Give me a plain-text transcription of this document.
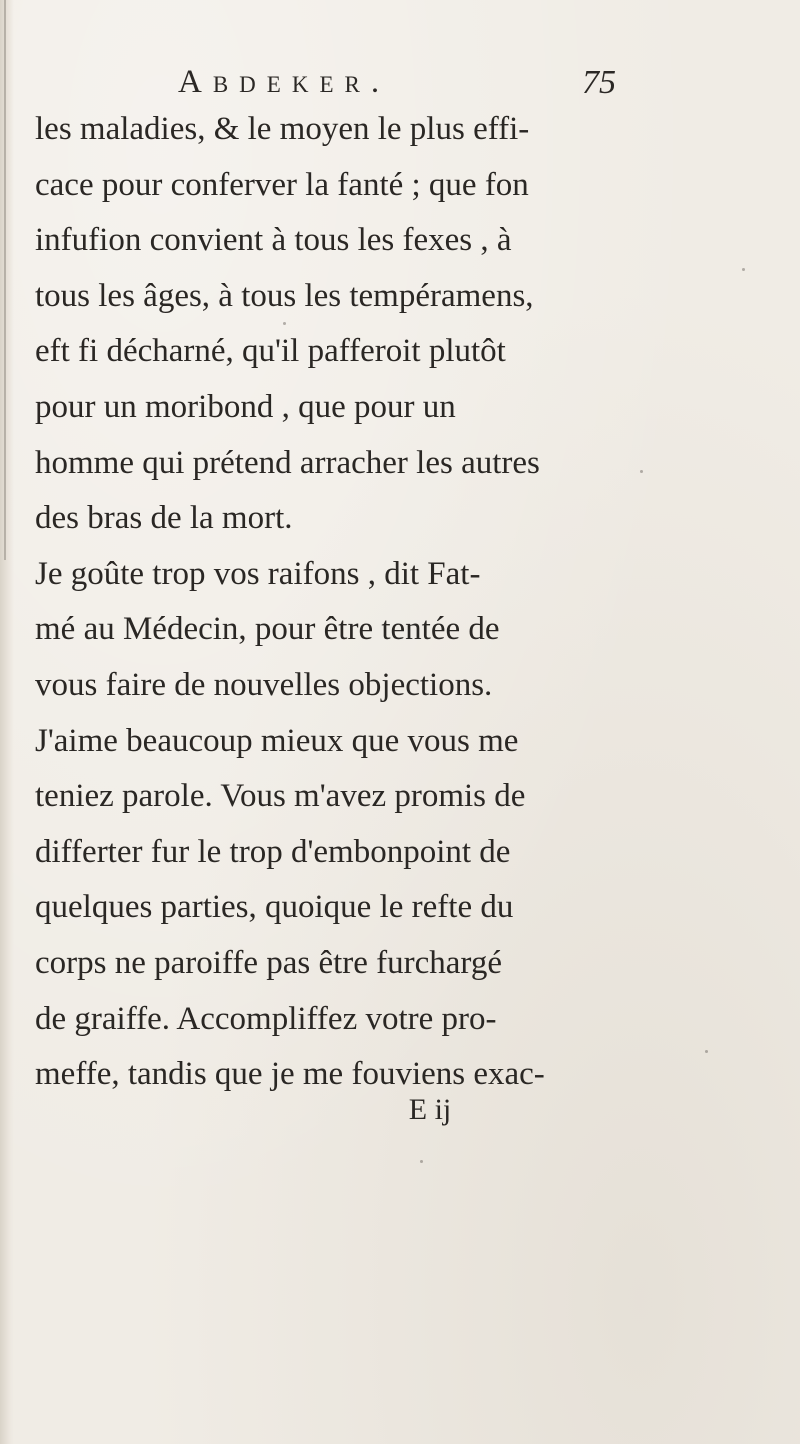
Abdeker.	75
les maladies, & le moyen le plus effi-
cace pour conferver la fanté ; que fon
infufion convient à tous les fexes , à
tous les âges, à tous les tempéramens,
eft fi décharné, qu'il pafferoit plutôt
pour un moribond , que pour un
homme qui prétend arracher les autres
des bras de la mort.
Je goûte trop vos raifons , dit Fat-
mé au Médecin, pour être tentée de
vous faire de nouvelles objections.
J'aime beaucoup mieux que vous me
teniez parole. Vous m'avez promis de
differter fur le trop d'embonpoint de
quelques parties, quoique le refte du
corps ne paroiffe pas être furchargé
de graiffe. Accompliffez votre pro-
meffe, tandis que je me fouviens exac-
E ij
